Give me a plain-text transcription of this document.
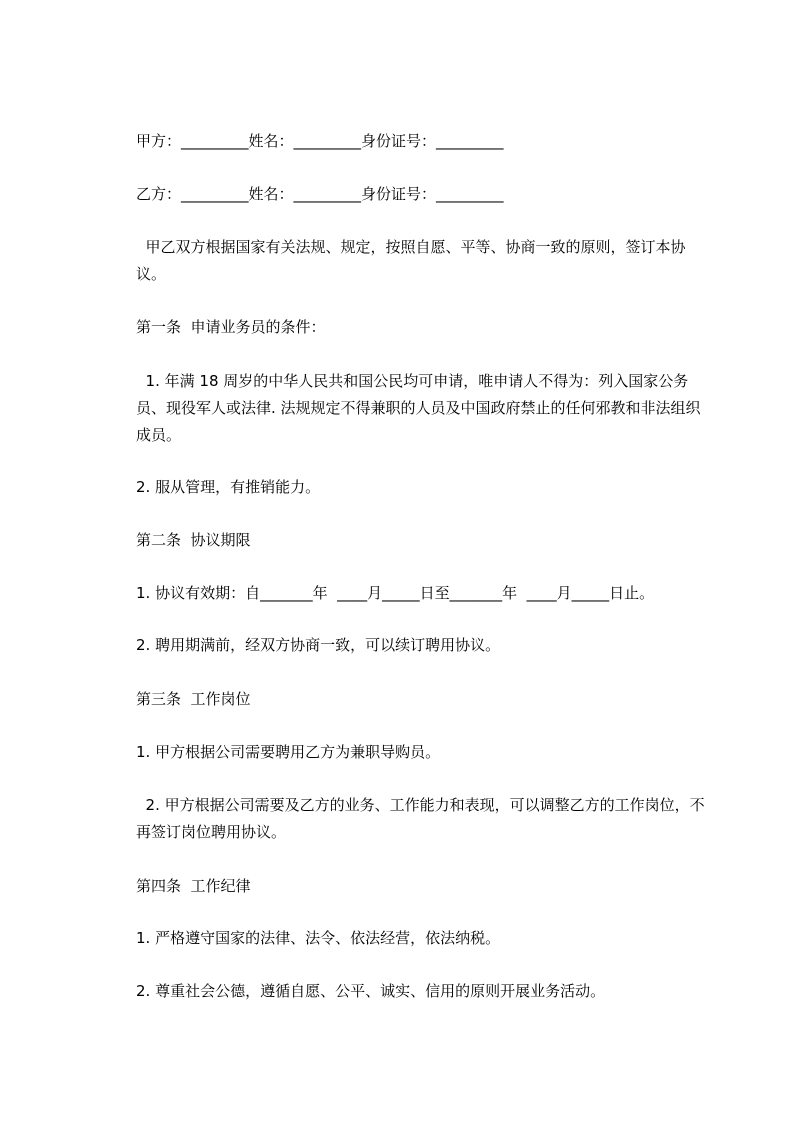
甲方：_________姓名：_________身份证号：_________

乙方：_________姓名：_________身份证号：_________

甲乙双方根据国家有关法规、规定，按照自愿、平等、协商一致的原则，签订本协议。

第一条  申请业务员的条件：

1. 年满 18 周岁的中华人民共和国公民均可申请，唯申请人不得为：列入国家公务员、现役军人或法律. 法规规定不得兼职的人员及中国政府禁止的任何邪教和非法组织成员。

2. 服从管理，有推销能力。

第二条  协议期限

1. 协议有效期：自_______年  ____月_____日至_______年  ____月_____日止。

2. 聘用期满前，经双方协商一致，可以续订聘用协议。

第三条  工作岗位

1. 甲方根据公司需要聘用乙方为兼职导购员。

2. 甲方根据公司需要及乙方的业务、工作能力和表现，可以调整乙方的工作岗位，不再签订岗位聘用协议。

第四条  工作纪律

1. 严格遵守国家的法律、法令、依法经营，依法纳税。

2. 尊重社会公德，遵循自愿、公平、诚实、信用的原则开展业务活动。
